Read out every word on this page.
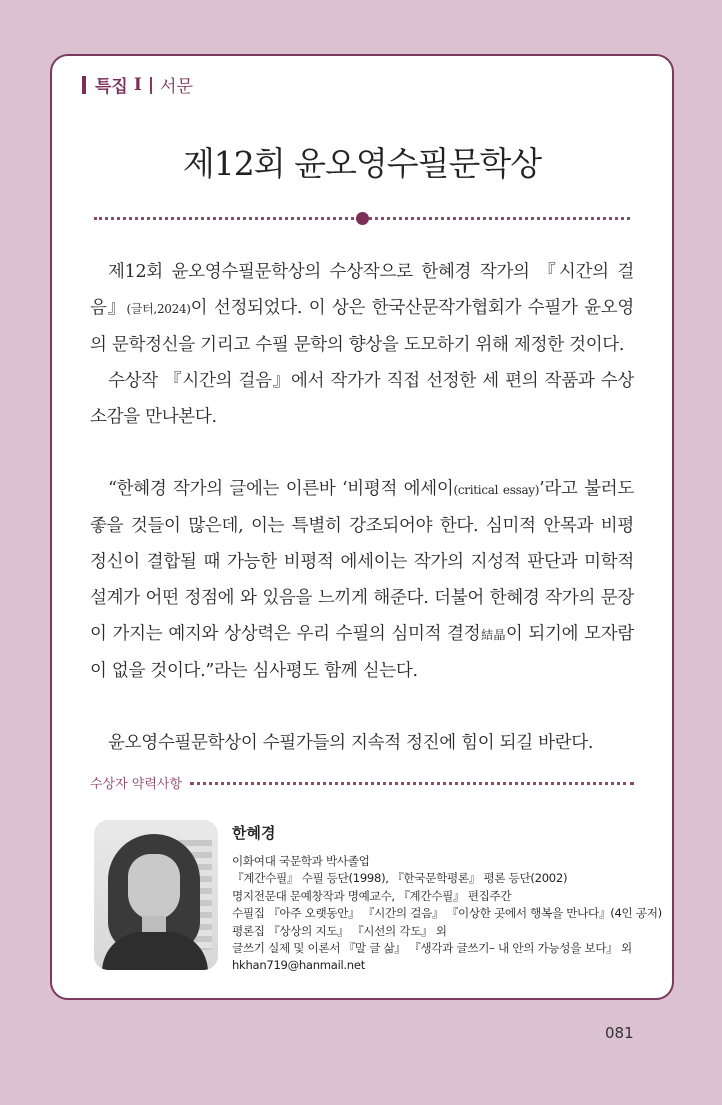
특집 I | 서문
제12회 윤오영수필문학상

제12회 윤오영수필문학상의 수상작으로 한혜경 작가의 『시간의 걸음』(글터,2024)이 선정되었다. 이 상은 한국산문작가협회가 수필가 윤오영의 문학정신을 기리고 수필 문학의 향상을 도모하기 위해 제정한 것이다.

수상작 『시간의 걸음』에서 작가가 직접 선정한 세 편의 작품과 수상 소감을 만나본다.

“한혜경 작가의 글에는 이른바 ‘비평적 에세이(critical essay)’라고 불러도 좋을 것들이 많은데, 이는 특별히 강조되어야 한다. 심미적 안목과 비평 정신이 결합될 때 가능한 비평적 에세이는 작가의 지성적 판단과 미학적 설계가 어떤 정점에 와 있음을 느끼게 해준다. 더불어 한혜경 작가의 문장이 가지는 예지와 상상력은 우리 수필의 심미적 결정結晶이 되기에 모자람이 없을 것이다.”라는 심사평도 함께 싣는다.

윤오영수필문학상이 수필가들의 지속적 정진에 힘이 되길 바란다.

수상자 약력사항
한혜경
이화여대 국문학과 박사졸업
『계간수필』 수필 등단(1998), 『한국문학평론』 평론 등단(2002)
명지전문대 문예창작과 명예교수, 『계간수필』 편집주간
수필집 『아주 오랫동안』 『시간의 걸음』 『이상한 곳에서 행복을 만나다』(4인 공저)
평론집 『상상의 지도』 『시선의 각도』 외
글쓰기 실제 및 이론서 『말 글 삶』 『생각과 글쓰기– 내 안의 가능성을 보다』 외
hkhan719@hanmail.net
081
